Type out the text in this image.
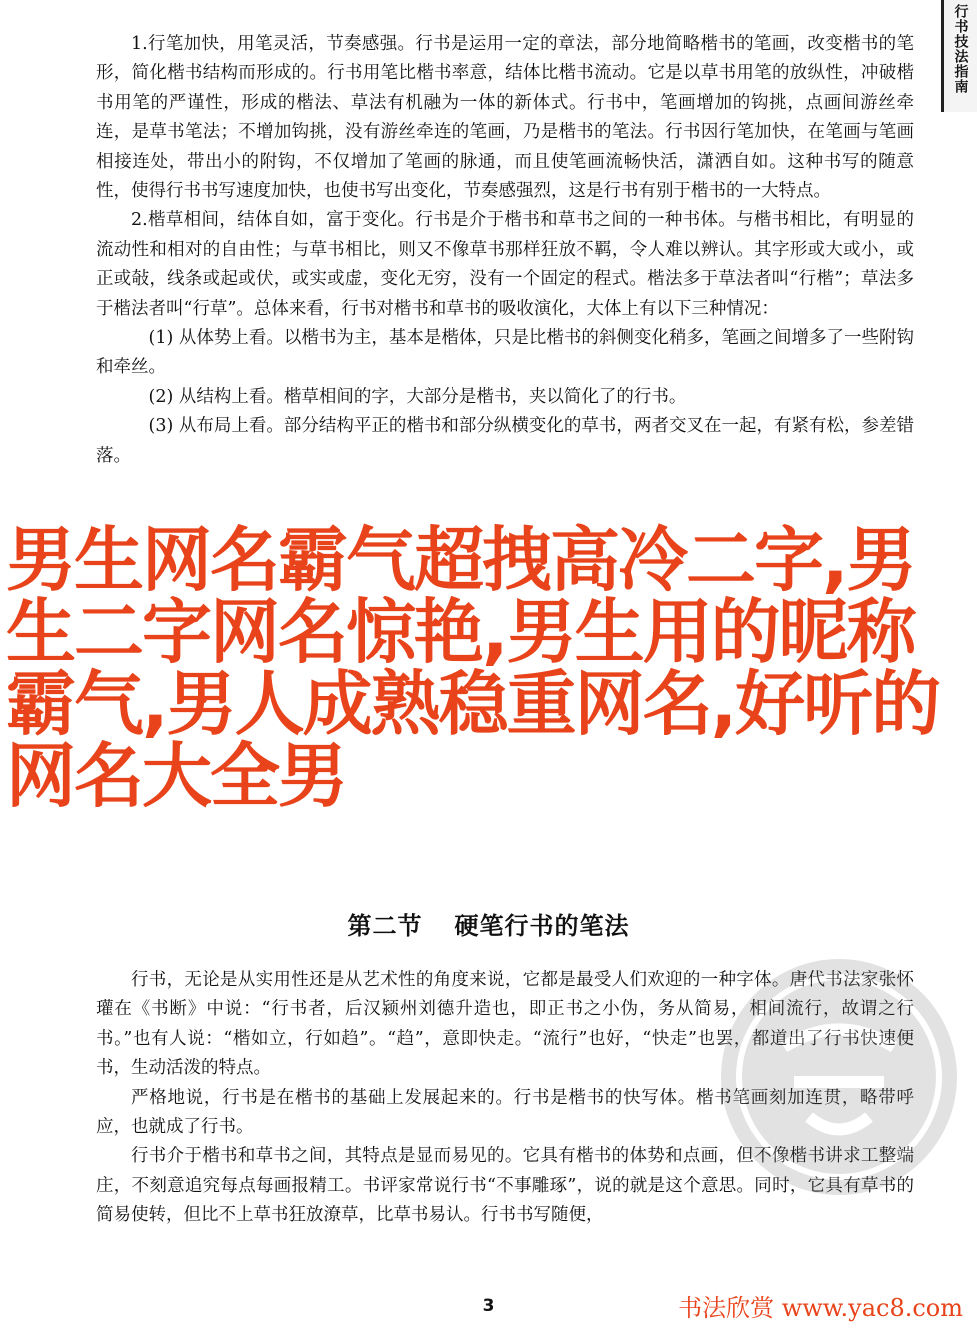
行书技法指南

1.行笔加快，用笔灵活，节奏感强。行书是运用一定的章法，部分地简略楷书的笔画，改变楷书的笔形，简化楷书结构而形成的。行书用笔比楷书率意，结体比楷书流动。它是以草书用笔的放纵性，冲破楷书用笔的严谨性，形成的楷法、草法有机融为一体的新体式。行书中，笔画增加的钩挑，点画间游丝牵连，是草书笔法；不增加钩挑，没有游丝牵连的笔画，乃是楷书的笔法。行书因行笔加快，在笔画与笔画相接连处，带出小的附钩，不仅增加了笔画的脉通，而且使笔画流畅快活，潇洒自如。这种书写的随意性，使得行书书写速度加快，也使书写出变化，节奏感强烈，这是行书有别于楷书的一大特点。

2.楷草相间，结体自如，富于变化。行书是介于楷书和草书之间的一种书体。与楷书相比，有明显的流动性和相对的自由性；与草书相比，则又不像草书那样狂放不羁，令人难以辨认。其字形或大或小，或正或敧，线条或起或伏，或实或虚，变化无穷，没有一个固定的程式。楷法多于草法者叫“行楷”；草法多于楷法者叫“行草”。总体来看，行书对楷书和草书的吸收演化，大体上有以下三种情况：

(1) 从体势上看。以楷书为主，基本是楷体，只是比楷书的斜侧变化稍多，笔画之间增多了一些附钩和牵丝。

(2) 从结构上看。楷草相间的字，大部分是楷书，夹以简化了的行书。

(3) 从布局上看。部分结构平正的楷书和部分纵横变化的草书，两者交叉在一起，有紧有松，参差错落。

男生网名霸气超拽高冷二字,男生二字网名惊艳,男生用的昵称霸气,男人成熟稳重网名,好听的网名大全男
第二节 硬笔行书的笔法

行书，无论是从实用性还是从艺术性的角度来说，它都是最受人们欢迎的一种字体。唐代书法家张怀瓘在《书断》中说：“行书者，后汉颍州刘德升造也，即正书之小伪，务从简易，相间流行，故谓之行书。”也有人说：“楷如立，行如趋”。“趋”，意即快走。“流行”也好，“快走”也罢，都道出了行书快速便书，生动活泼的特点。

严格地说，行书是在楷书的基础上发展起来的。行书是楷书的快写体。楷书笔画刻加连贯，略带呼应，也就成了行书。

行书介于楷书和草书之间，其特点是显而易见的。它具有楷书的体势和点画，但不像楷书讲求工整端庄，不刻意追究每点每画报精工。书评家常说行书“不事雕琢”，说的就是这个意思。同时，它具有草书的简易使转，但比不上草书狂放潦草，比草书易认。行书书写随便，

3	书法欣赏 www.yac8.com
